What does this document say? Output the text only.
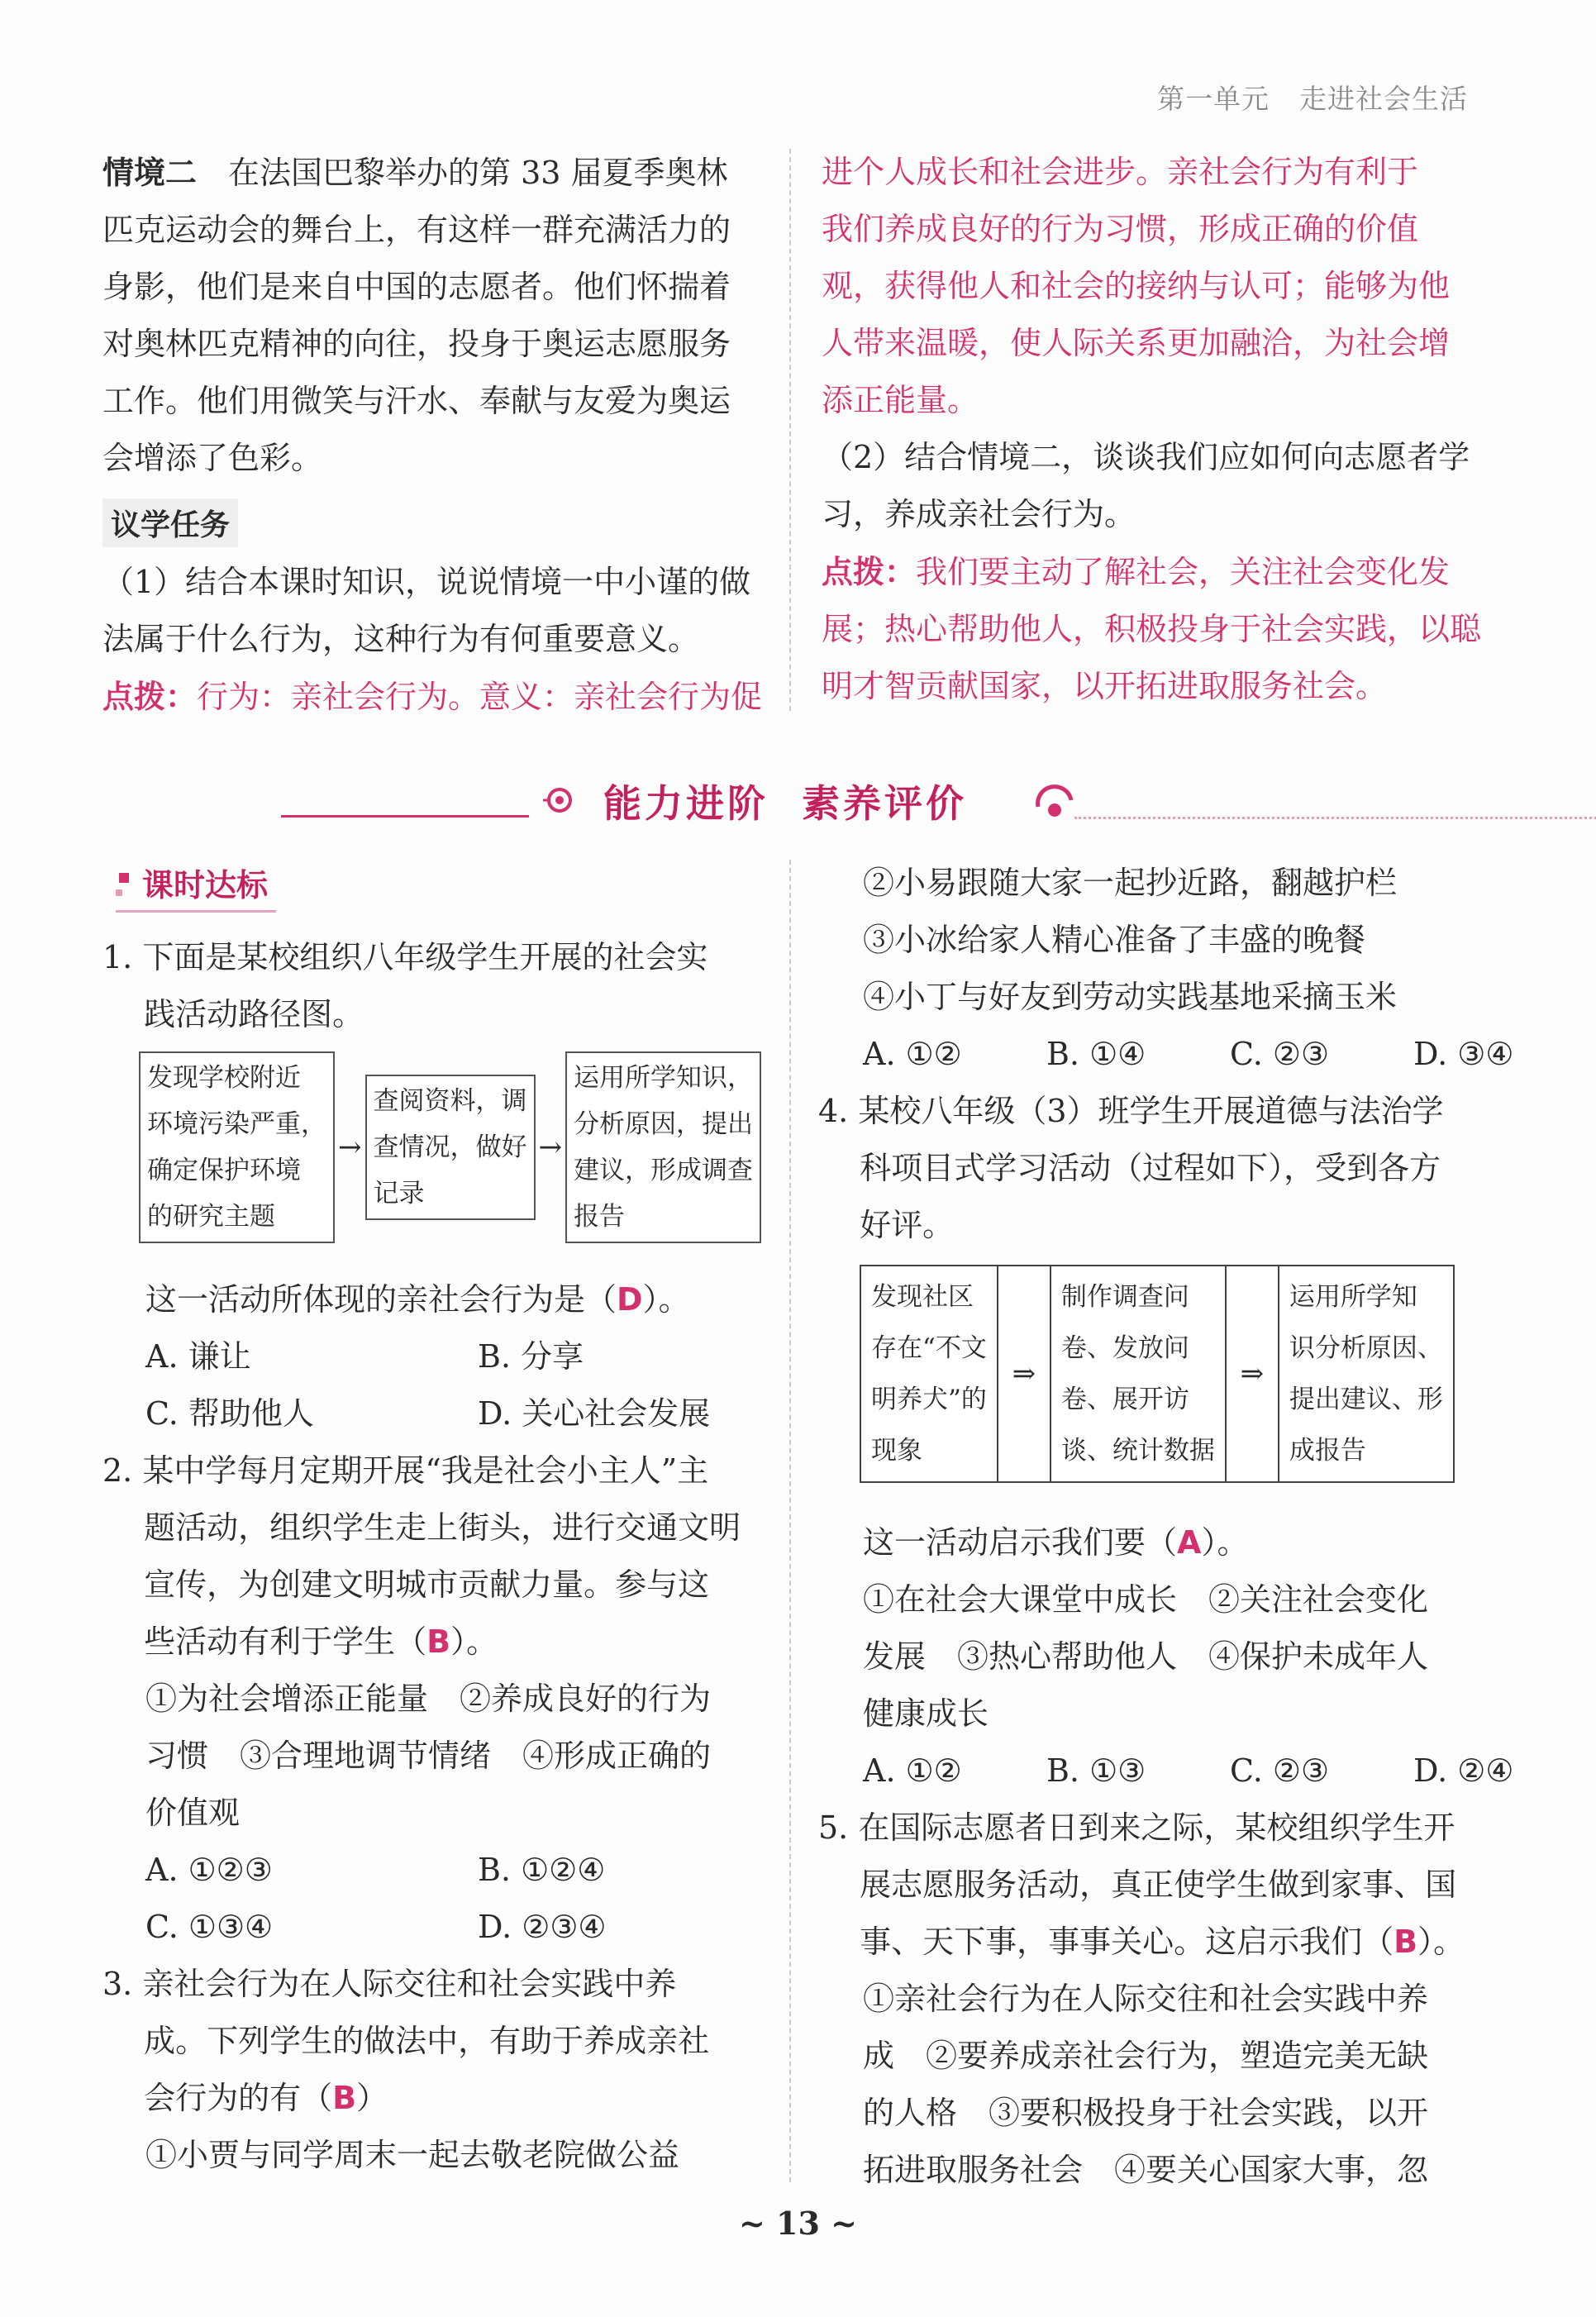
第一单元 走进社会生活
情境二　在法国巴黎举办的第 33 届夏季奥林
匹克运动会的舞台上，有这样一群充满活力的
身影，他们是来自中国的志愿者。他们怀揣着
对奥林匹克精神的向往，投身于奥运志愿服务
工作。他们用微笑与汗水、奉献与友爱为奥运
会增添了色彩。
议学任务
（1）结合本课时知识，说说情境一中小谨的做
法属于什么行为，这种行为有何重要意义。
点拨：行为：亲社会行为。意义：亲社会行为促
进个人成长和社会进步。亲社会行为有利于
我们养成良好的行为习惯，形成正确的价值
观，获得他人和社会的接纳与认可；能够为他
人带来温暖，使人际关系更加融洽，为社会增
添正能量。
（2）结合情境二，谈谈我们应如何向志愿者学
习，养成亲社会行为。
点拨：我们要主动了解社会，关注社会变化发
展；热心帮助他人，积极投身于社会实践，以聪
明才智贡献国家，以开拓进取服务社会。
能力进阶 素养评价
课时达标
1. 下面是某校组织八年级学生开展的社会实
　 践活动路径图。
发现学校附近
环境污染严重，
确定保护环境
的研究主题
→
查阅资料，调
查情况，做好
记录
→
运用所学知识，
分析原因，提出
建议，形成调查
报告
这一活动所体现的亲社会行为是（D）。
A. 谦让	B. 分享
C. 帮助他人	D. 关心社会发展
2. 某中学每月定期开展“我是社会小主人”主
　 题活动，组织学生走上街头，进行交通文明
　 宣传，为创建文明城市贡献力量。参与这
　 些活动有利于学生（B）。
①为社会增添正能量　②养成良好的行为
习惯　③合理地调节情绪　④形成正确的
价值观
A. ①②③	B. ①②④
C. ①③④	D. ②③④
3. 亲社会行为在人际交往和社会实践中养
　 成。下列学生的做法中，有助于养成亲社
　 会行为的有（B）
①小贾与同学周末一起去敬老院做公益
②小易跟随大家一起抄近路，翻越护栏
③小冰给家人精心准备了丰盛的晚餐
④小丁与好友到劳动实践基地采摘玉米
A. ①②	B. ①④	C. ②③	D. ③④
4. 某校八年级（3）班学生开展道德与法治学
　 科项目式学习活动（过程如下），受到各方
　 好评。
发现社区
存在“不文
明养犬”的
现象
⇒
制作调查问
卷、发放问
卷、展开访
谈、统计数据
⇒
运用所学知
识分析原因、
提出建议、形
成报告
这一活动启示我们要（A）。
①在社会大课堂中成长　②关注社会变化
发展　③热心帮助他人　④保护未成年人
健康成长
A. ①②	B. ①③	C. ②③	D. ②④
5. 在国际志愿者日到来之际，某校组织学生开
　 展志愿服务活动，真正使学生做到家事、国
　 事、天下事，事事关心。这启示我们（B）。
①亲社会行为在人际交往和社会实践中养
成　②要养成亲社会行为，塑造完美无缺
的人格　③要积极投身于社会实践，以开
拓进取服务社会　④要关心国家大事，忽
~ 13 ~
